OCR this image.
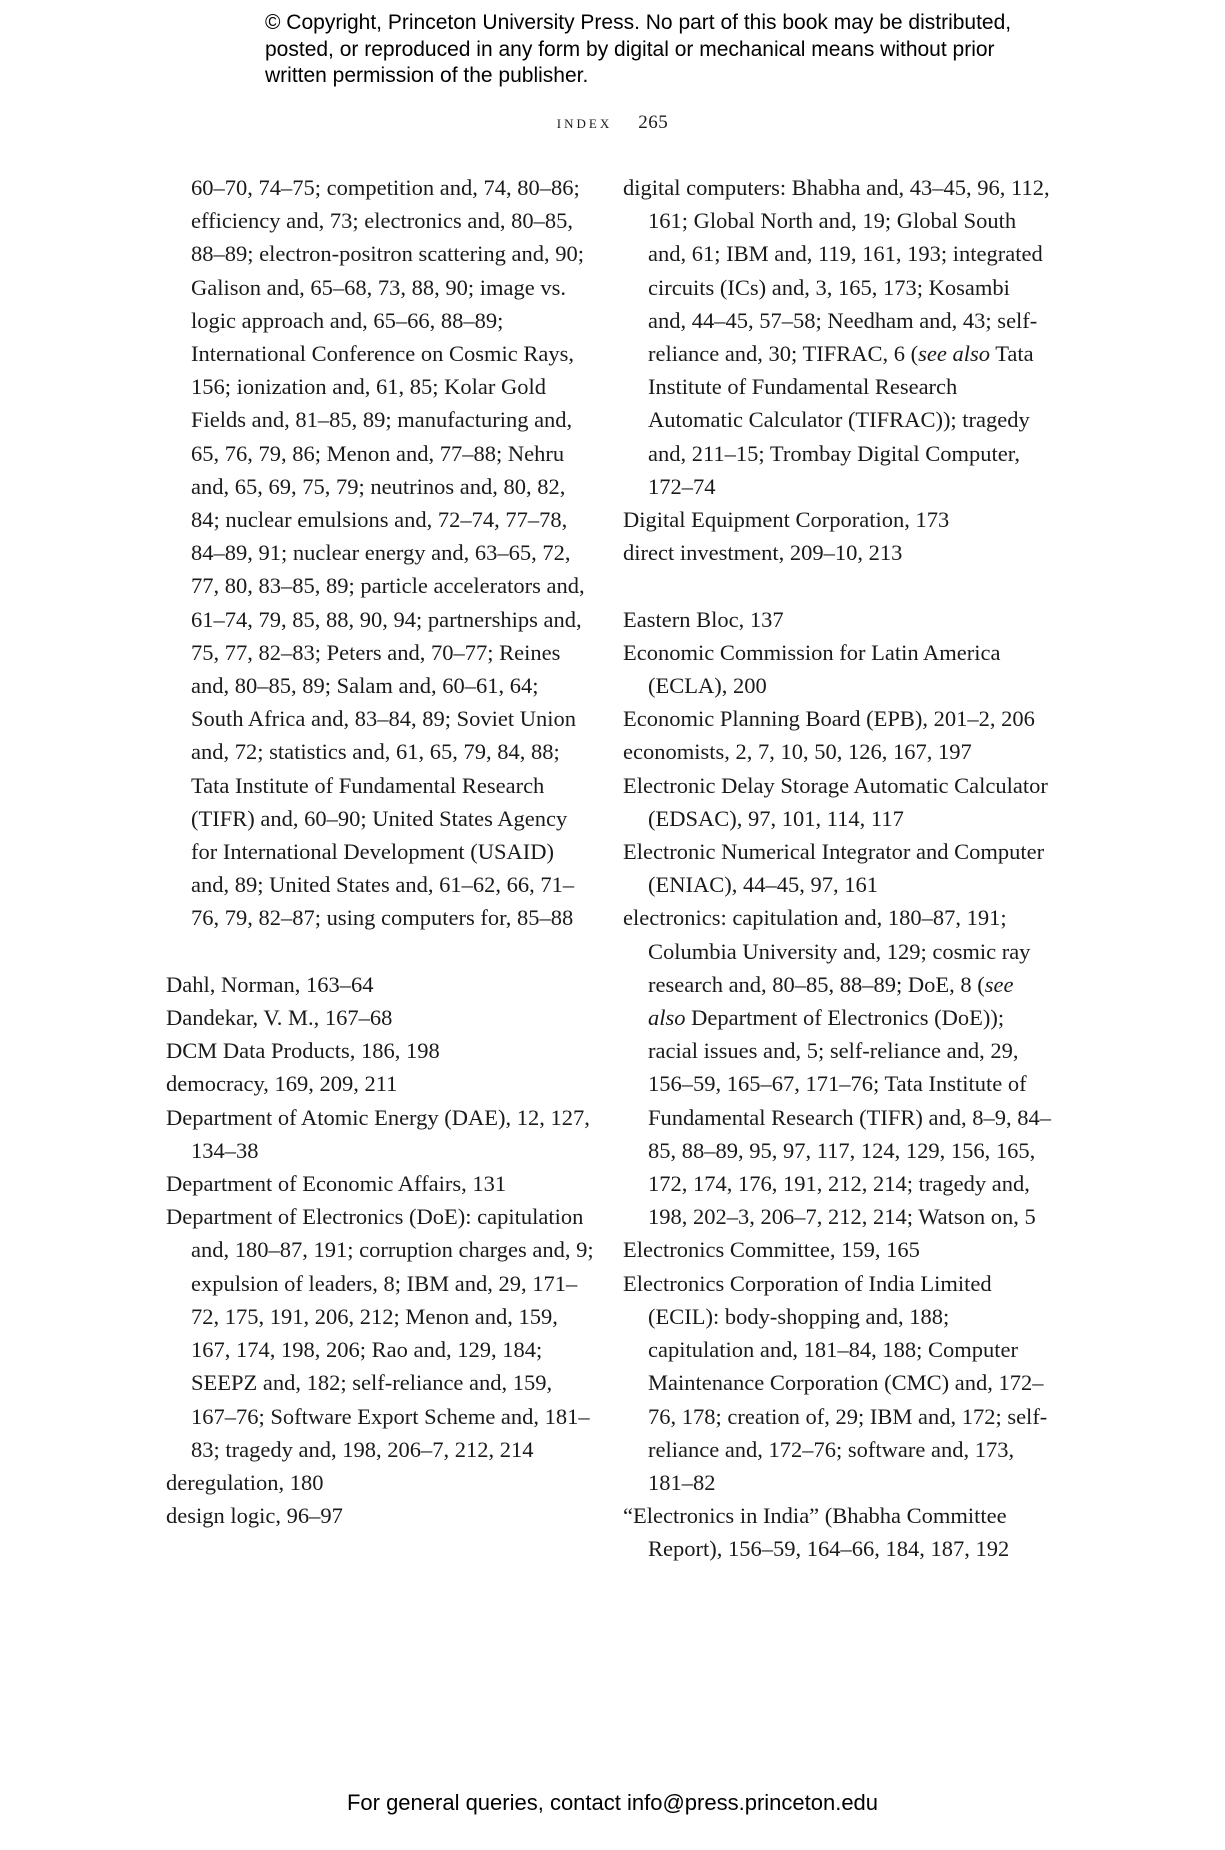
© Copyright, Princeton University Press. No part of this book may be distributed, posted, or reproduced in any form by digital or mechanical means without prior written permission of the publisher.
index 265
60–70, 74–75; competition and, 74, 80–86; efficiency and, 73; electronics and, 80–85, 88–89; electron-positron scattering and, 90; Galison and, 65–68, 73, 88, 90; image vs. logic approach and, 65–66, 88–89; International Conference on Cosmic Rays, 156; ionization and, 61, 85; Kolar Gold Fields and, 81–85, 89; manufacturing and, 65, 76, 79, 86; Menon and, 77–88; Nehru and, 65, 69, 75, 79; neutrinos and, 80, 82, 84; nuclear emulsions and, 72–74, 77–78, 84–89, 91; nuclear energy and, 63–65, 72, 77, 80, 83–85, 89; particle accelerators and, 61–74, 79, 85, 88, 90, 94; partnerships and, 75, 77, 82–83; Peters and, 70–77; Reines and, 80–85, 89; Salam and, 60–61, 64; South Africa and, 83–84, 89; Soviet Union and, 72; statistics and, 61, 65, 79, 84, 88; Tata Institute of Fundamental Research (TIFR) and, 60–90; United States Agency for International Development (USAID) and, 89; United States and, 61–62, 66, 71–76, 79, 82–87; using computers for, 85–88
Dahl, Norman, 163–64
Dandekar, V. M., 167–68
DCM Data Products, 186, 198
democracy, 169, 209, 211
Department of Atomic Energy (DAE), 12, 127, 134–38
Department of Economic Affairs, 131
Department of Electronics (DoE): capitulation and, 180–87, 191; corruption charges and, 9; expulsion of leaders, 8; IBM and, 29, 171–72, 175, 191, 206, 212; Menon and, 159, 167, 174, 198, 206; Rao and, 129, 184; SEEPZ and, 182; self-reliance and, 159, 167–76; Software Export Scheme and, 181–83; tragedy and, 198, 206–7, 212, 214
deregulation, 180
design logic, 96–97
digital computers: Bhabha and, 43–45, 96, 112, 161; Global North and, 19; Global South and, 61; IBM and, 119, 161, 193; integrated circuits (ICs) and, 3, 165, 173; Kosambi and, 44–45, 57–58; Needham and, 43; self-reliance and, 30; TIFRAC, 6 (see also Tata Institute of Fundamental Research Automatic Calculator (TIFRAC)); tragedy and, 211–15; Trombay Digital Computer, 172–74
Digital Equipment Corporation, 173
direct investment, 209–10, 213
Eastern Bloc, 137
Economic Commission for Latin America (ECLA), 200
Economic Planning Board (EPB), 201–2, 206
economists, 2, 7, 10, 50, 126, 167, 197
Electronic Delay Storage Automatic Calculator (EDSAC), 97, 101, 114, 117
Electronic Numerical Integrator and Computer (ENIAC), 44–45, 97, 161
electronics: capitulation and, 180–87, 191; Columbia University and, 129; cosmic ray research and, 80–85, 88–89; DoE, 8 (see also Department of Electronics (DoE)); racial issues and, 5; self-reliance and, 29, 156–59, 165–67, 171–76; Tata Institute of Fundamental Research (TIFR) and, 8–9, 84–85, 88–89, 95, 97, 117, 124, 129, 156, 165, 172, 174, 176, 191, 212, 214; tragedy and, 198, 202–3, 206–7, 212, 214; Watson on, 5
Electronics Committee, 159, 165
Electronics Corporation of India Limited (ECIL): body-shopping and, 188; capitulation and, 181–84, 188; Computer Maintenance Corporation (CMC) and, 172–76, 178; creation of, 29; IBM and, 172; self-reliance and, 172–76; software and, 173, 181–82
“Electronics in India” (Bhabha Committee Report), 156–59, 164–66, 184, 187, 192
For general queries, contact info@press.princeton.edu
